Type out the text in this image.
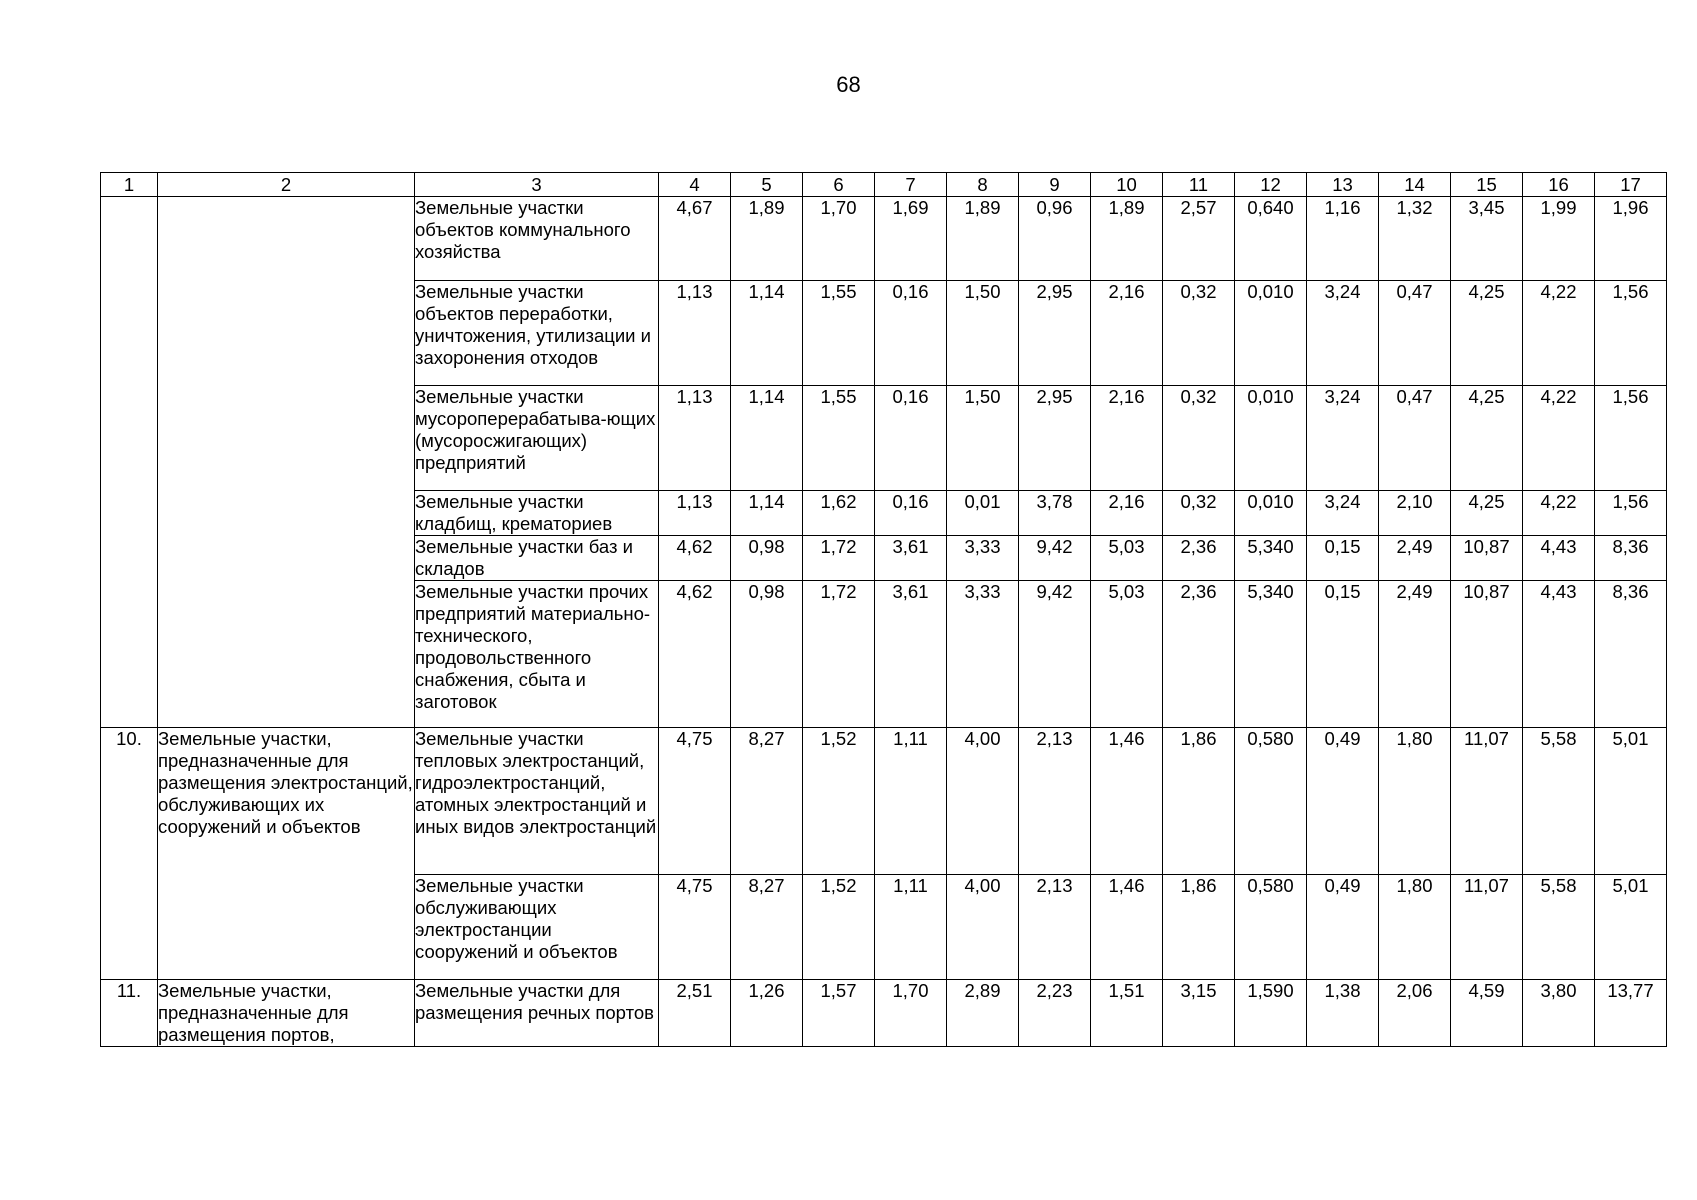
68
1	2	3	4	5	6	7	8	9	10	11	12	13	14	15	16	17
		Земельные участки объектов коммунального хозяйства	4,67	1,89	1,70	1,69	1,89	0,96	1,89	2,57	0,640	1,16	1,32	3,45	1,99	1,96
		Земельные участки объектов переработки, уничтожения, утилизации и захоронения отходов	1,13	1,14	1,55	0,16	1,50	2,95	2,16	0,32	0,010	3,24	0,47	4,25	4,22	1,56
		Земельные участки мусороперерабатыва-ющих (мусоросжигающих) предприятий	1,13	1,14	1,55	0,16	1,50	2,95	2,16	0,32	0,010	3,24	0,47	4,25	4,22	1,56
		Земельные участки кладбищ, крематориев	1,13	1,14	1,62	0,16	0,01	3,78	2,16	0,32	0,010	3,24	2,10	4,25	4,22	1,56
		Земельные участки баз и складов	4,62	0,98	1,72	3,61	3,33	9,42	5,03	2,36	5,340	0,15	2,49	10,87	4,43	8,36
		Земельные участки прочих предприятий материально-технического, продовольственного снабжения, сбыта и заготовок	4,62	0,98	1,72	3,61	3,33	9,42	5,03	2,36	5,340	0,15	2,49	10,87	4,43	8,36
10.	Земельные участки, предназначенные для размещения электростанций, обслуживающих их сооружений и объектов	Земельные участки тепловых электростанций, гидроэлектростанций, атомных электростанций и иных видов электростанций	4,75	8,27	1,52	1,11	4,00	2,13	1,46	1,86	0,580	0,49	1,80	11,07	5,58	5,01
		Земельные участки обслуживающих электростанции сооружений и объектов	4,75	8,27	1,52	1,11	4,00	2,13	1,46	1,86	0,580	0,49	1,80	11,07	5,58	5,01
11.	Земельные участки, предназначенные для размещения портов,	Земельные участки для размещения речных портов	2,51	1,26	1,57	1,70	2,89	2,23	1,51	3,15	1,590	1,38	2,06	4,59	3,80	13,77
